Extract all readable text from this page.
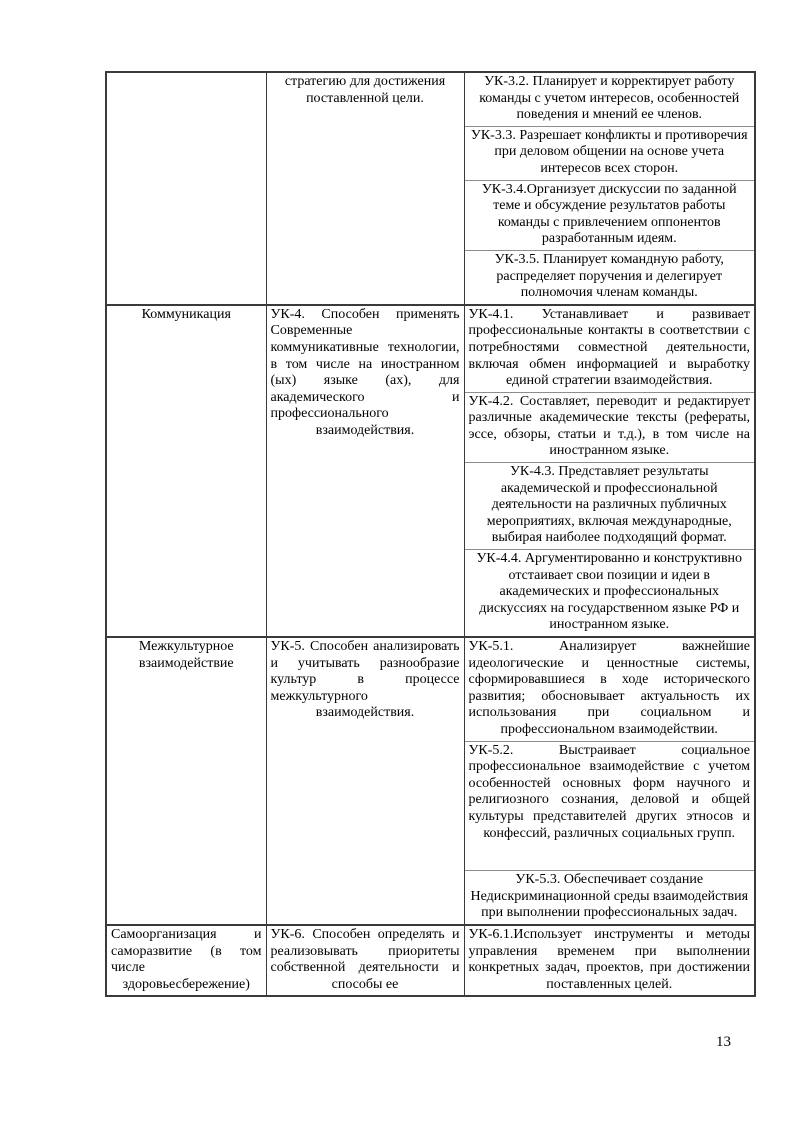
	стратегию для достижения поставленной цели.	УК-3.2. Планирует и корректирует работу команды с учетом интересов, особенностей поведения и мнений ее членов.
		УК-3.3. Разрешает конфликты и противоречия при деловом общении на основе учета интересов всех сторон.
		УК-3.4.Организует дискуссии по заданной теме и обсуждение результатов работы команды с привлечением оппонентов разработанным идеям.
		УК-3.5. Планирует командную работу, распределяет поручения и делегирует полномочия членам команды.
Коммуникация	УК-4. Способен применять Современные коммуникативные технологии, в том числе на иностранном (ых) языке (ах), для академического и профессионального взаимодействия.	УК-4.1. Устанавливает и развивает профессиональные контакты в соответствии с потребностями совместной деятельности, включая обмен информацией и выработку единой стратегии взаимодействия.
		УК-4.2. Составляет, переводит и редактирует различные академические тексты (рефераты, эссе, обзоры, статьи и т.д.), в том числе на иностранном языке.
		УК-4.3. Представляет результаты академической и профессиональной деятельности на различных публичных мероприятиях, включая международные, выбирая наиболее подходящий формат.
		УК-4.4. Аргументированно и конструктивно отстаивает свои позиции и идеи в академических и профессиональных дискуссиях на государственном языке РФ и иностранном языке.
Межкультурное взаимодействие	УК-5. Способен анализировать и учитывать разнообразие культур в процессе межкультурного взаимодействия.	УК-5.1. Анализирует важнейшие идеологические и ценностные системы, сформировавшиеся в ходе исторического развития; обосновывает актуальность их использования при социальном и профессиональном взаимодействии.
		УК-5.2. Выстраивает социальное профессиональное взаимодействие с учетом особенностей основных форм научного и религиозного сознания, деловой и общей культуры представителей других этносов и конфессий, различных социальных групп.
		УК-5.3. Обеспечивает создание Недискриминационной среды взаимодействия при выполнении профессиональных задач.
Самоорганизация и саморазвитие (в том числе здоровьесбережение)	УК-6. Способен определять и реализовывать приоритеты собственной деятельности и способы ее	УК-6.1.Использует инструменты и методы управления временем при выполнении конкретных задач, проектов, при достижении поставленных целей.
13
